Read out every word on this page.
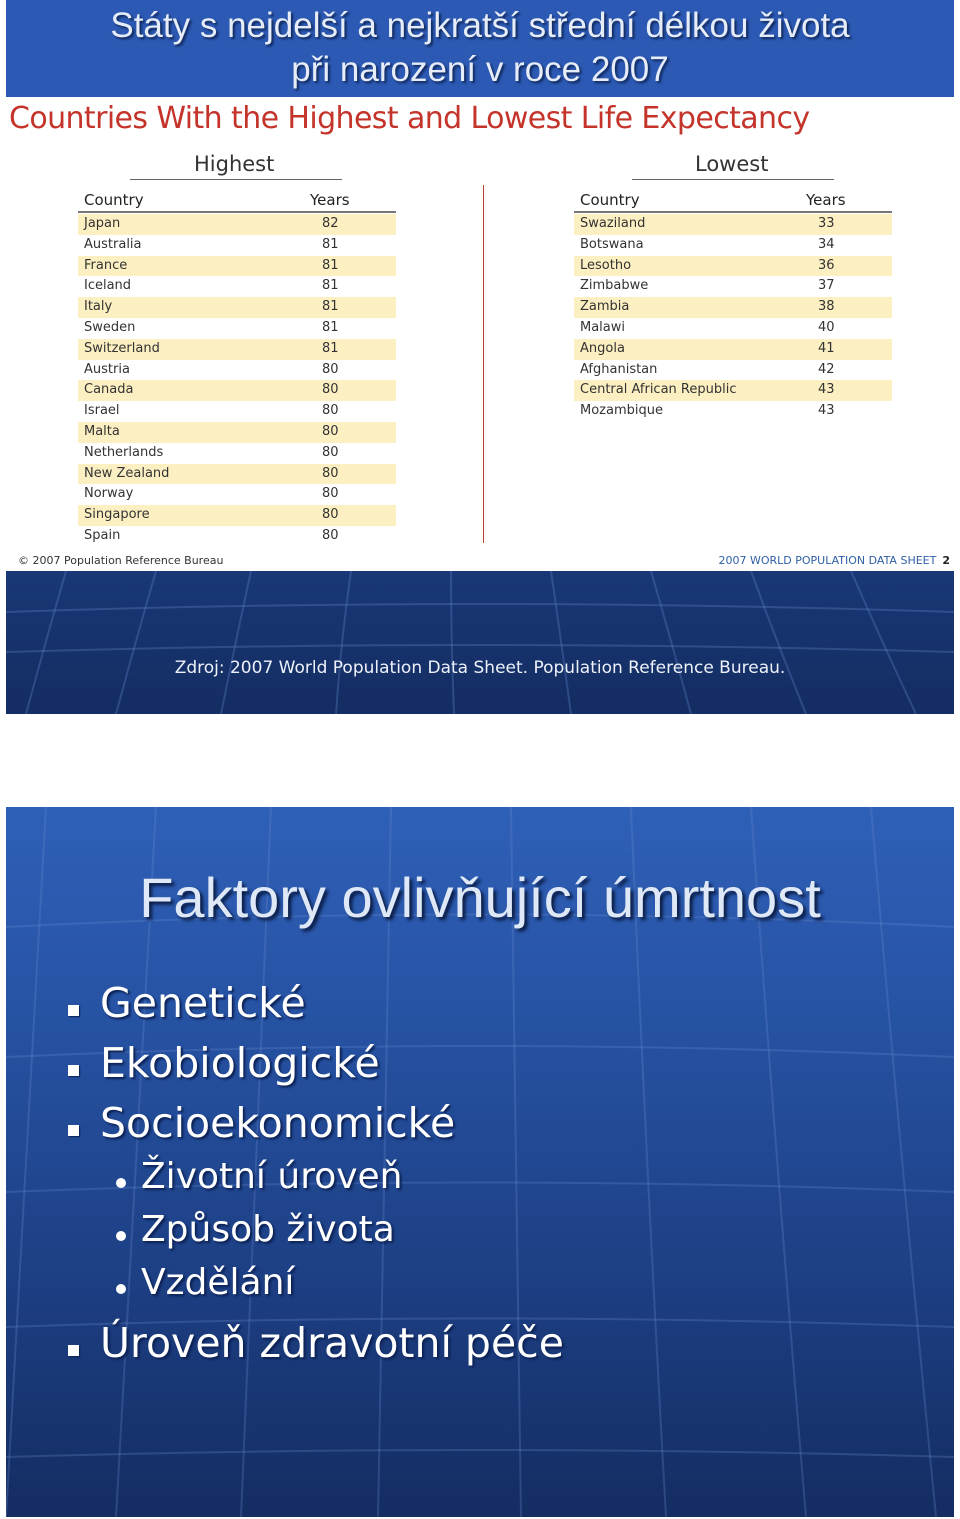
Státy s nejdelší a nejkratší střední délkou života
při narození v roce 2007
Countries With the Highest and Lowest Life Expectancy
Highest
Country	Years
Japan	82
Australia	81
France	81
Iceland	81
Italy	81
Sweden	81
Switzerland	81
Austria	80
Canada	80
Israel	80
Malta	80
Netherlands	80
New Zealand	80
Norway	80
Singapore	80
Spain	80
Lowest
Country	Years
Swaziland	33
Botswana	34
Lesotho	36
Zimbabwe	37
Zambia	38
Malawi	40
Angola	41
Afghanistan	42
Central African Republic	43
Mozambique	43
© 2007 Population Reference Bureau	2007 WORLD POPULATION DATA SHEET 2
Zdroj: 2007 World Population Data Sheet. Population Reference Bureau.
Faktory ovlivňující úmrtnost
Genetické
Ekobiologické
Socioekonomické
Životní úroveň
Způsob života
Vzdělání
Úroveň zdravotní péče
